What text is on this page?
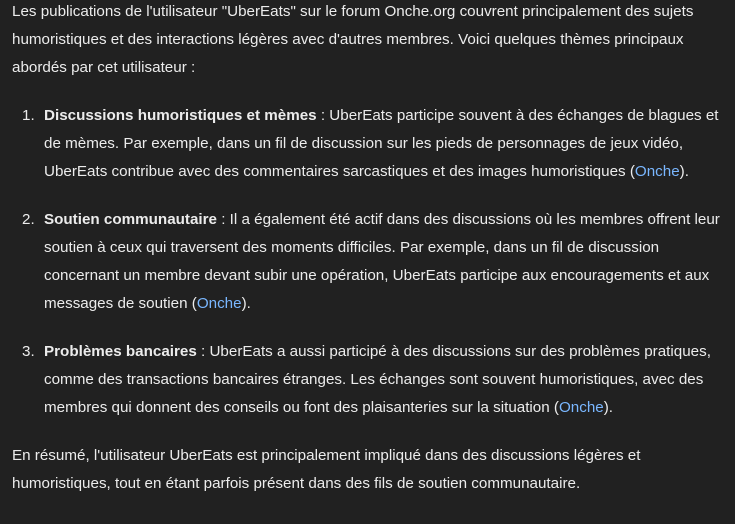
Les publications de l'utilisateur "UberEats" sur le forum Onche.org couvrent principalement des sujets humoristiques et des interactions légères avec d'autres membres. Voici quelques thèmes principaux abordés par cet utilisateur :

1. Discussions humoristiques et mèmes : UberEats participe souvent à des échanges de blagues et de mèmes. Par exemple, dans un fil de discussion sur les pieds de personnages de jeux vidéo, UberEats contribue avec des commentaires sarcastiques et des images humoristiques (Onche).
2. Soutien communautaire : Il a également été actif dans des discussions où les membres offrent leur soutien à ceux qui traversent des moments difficiles. Par exemple, dans un fil de discussion concernant un membre devant subir une opération, UberEats participe aux encouragements et aux messages de soutien (Onche).
3. Problèmes bancaires : UberEats a aussi participé à des discussions sur des problèmes pratiques, comme des transactions bancaires étranges. Les échanges sont souvent humoristiques, avec des membres qui donnent des conseils ou font des plaisanteries sur la situation (Onche).

En résumé, l'utilisateur UberEats est principalement impliqué dans des discussions légères et humoristiques, tout en étant parfois présent dans des fils de soutien communautaire.
